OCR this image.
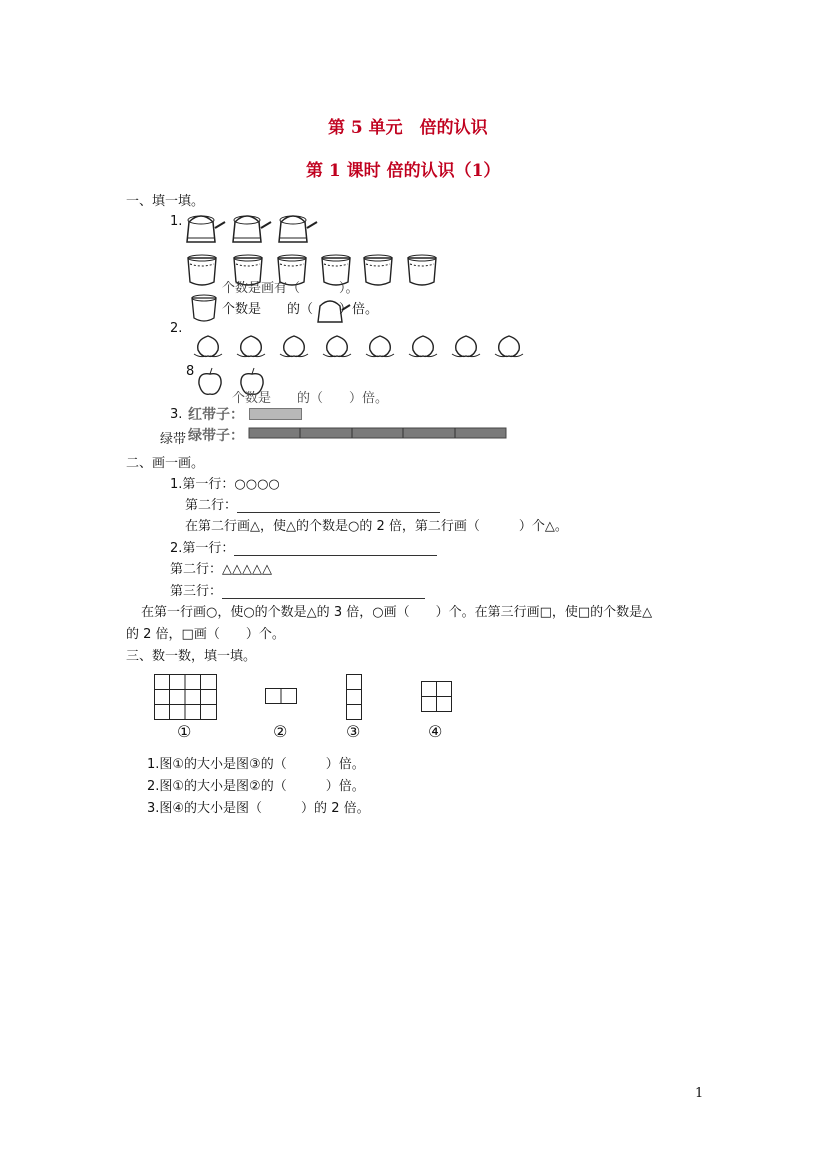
第 5 单元　倍的认识
第 1 课时 倍的认识（1）
一、填一填。
1.
个数是画有（　　　）。
个数是　　的（　　）倍。
2.
8
个数是　　的（　　）倍。
3. 红带子：
绿带 绿带子：
二、画一画。
1.第一行：○○○○
第二行：
在第二行画△，使△的个数是○的 2 倍，第二行画（　　　）个△。
2.第一行：
第二行：△△△△△
第三行：
在第一行画○，使○的个数是△的 3 倍，○画（　　）个。在第三行画□，使□的个数是△
的 2 倍，□画（　　）个。
三、数一数，填一填。
①	②	③	④
1.图①的大小是图③的（　　　）倍。
2.图①的大小是图②的（　　　）倍。
3.图④的大小是图（　　　）的 2 倍。
1
